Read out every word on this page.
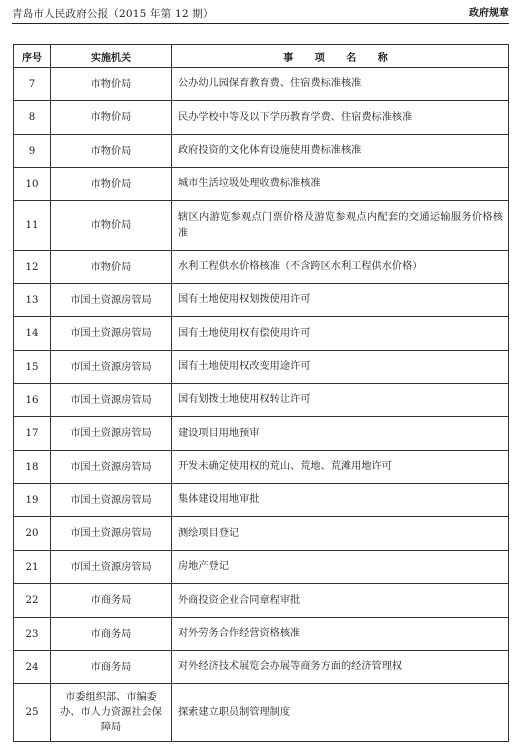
青岛市人民政府公报（2015 年第 12 期）	政府规章
序号	实施机关	事 项 名 称
7	市物价局	公办幼儿园保育教育费、住宿费标准核准
8	市物价局	民办学校中等及以下学历教育学费、住宿费标准核准
9	市物价局	政府投资的文化体育设施使用费标准核准
10	市物价局	城市生活垃圾处理收费标准核准
11	市物价局	辖区内游览参观点门票价格及游览参观点内配套的交通运输服务价格核准

12	市物价局	水利工程供水价格核准（不含跨区水利工程供水价格）
13	市国土资源房管局	国有土地使用权划拨使用许可
14	市国土资源房管局	国有土地使用权有偿使用许可
15	市国土资源房管局	国有土地使用权改变用途许可
16	市国土资源房管局	国有划拨土地使用权转让许可
17	市国土资源房管局	建设项目用地预审
18	市国土资源房管局	开发未确定使用权的荒山、荒地、荒滩用地许可
19	市国土资源房管局	集体建设用地审批
20	市国土资源房管局	测绘项目登记
21	市国土资源房管局	房地产登记
22	市商务局	外商投资企业合同章程审批
23	市商务局	对外劳务合作经营资格核准
24	市商务局	对外经济技术展览会办展等商务方面的经济管理权
25	市委组织部、市编委办、市人力资源社会保障局	探索建立职员制管理制度
